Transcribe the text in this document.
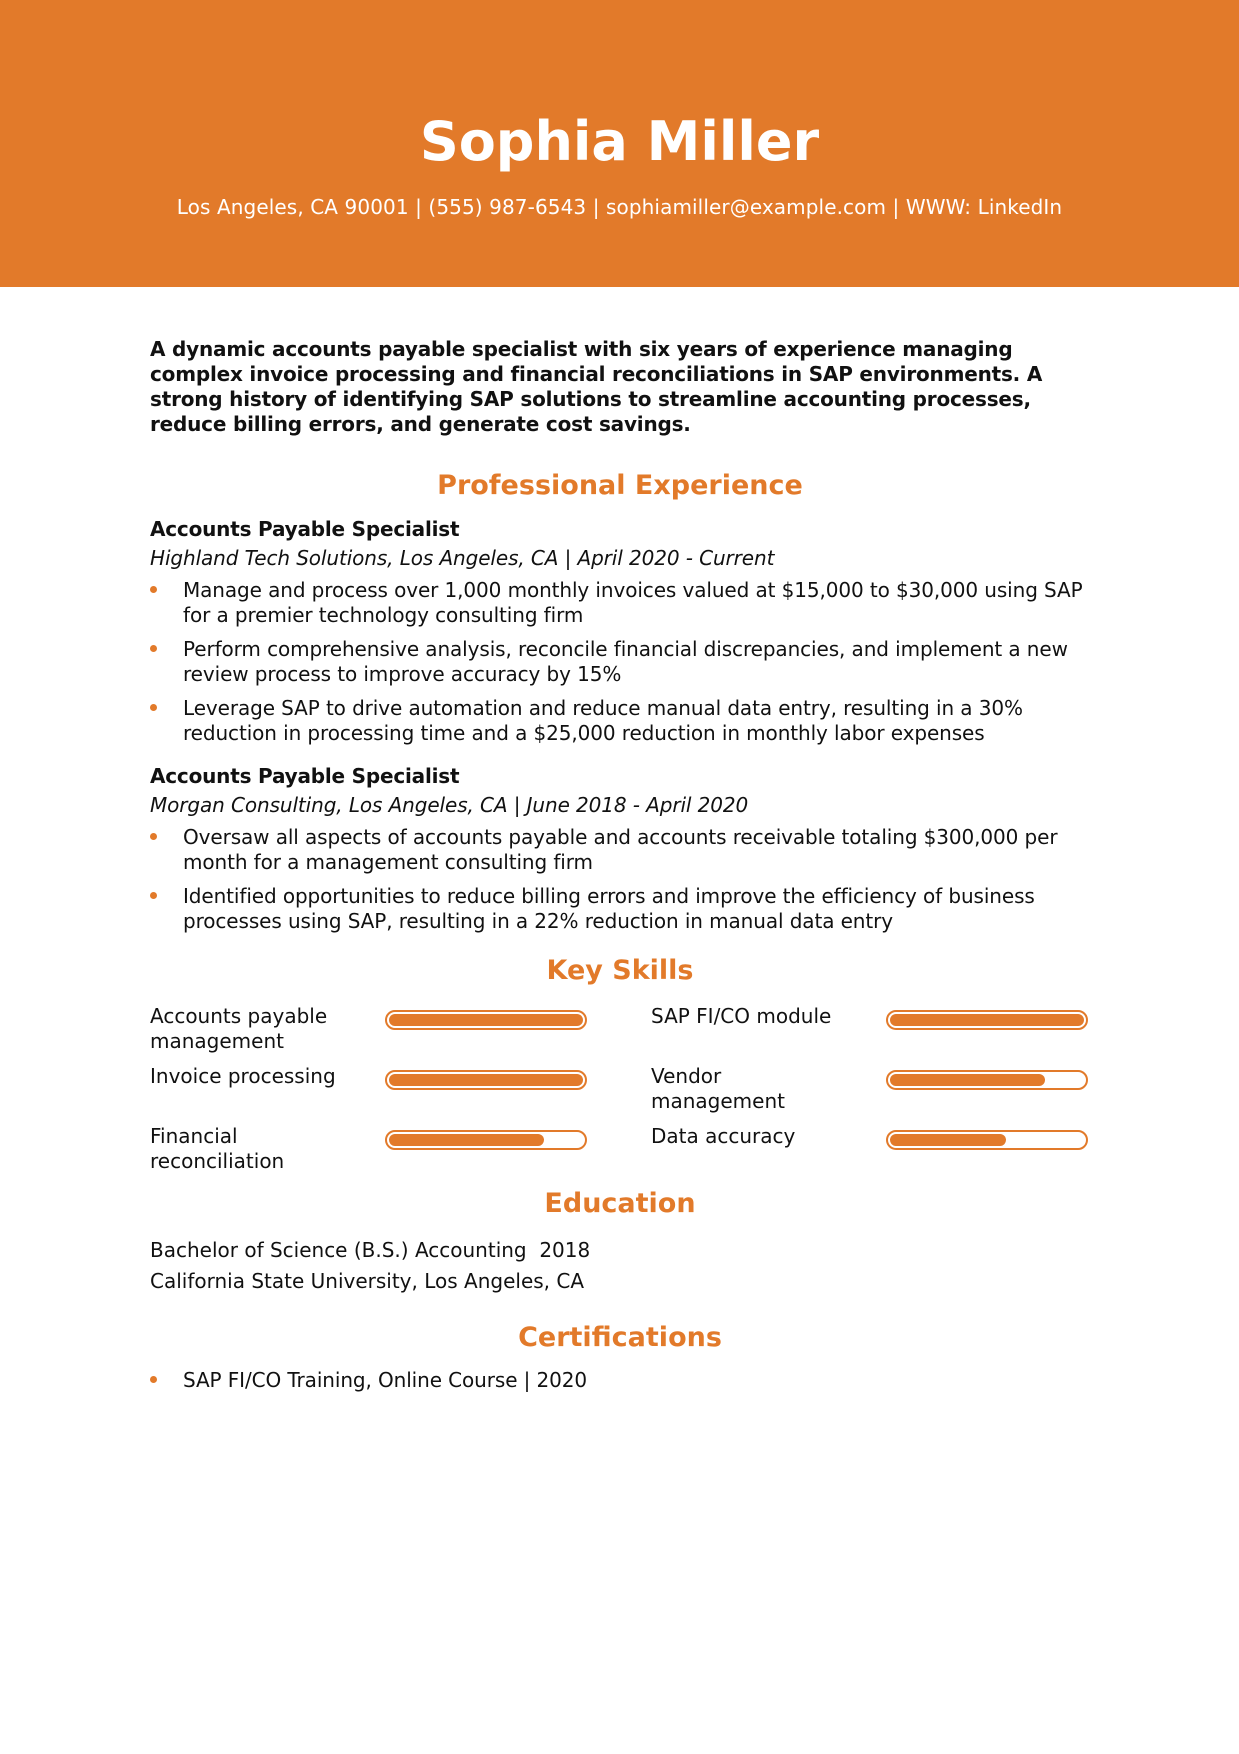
Sophia Miller
Los Angeles, CA 90001 | (555) 987-6543 | sophiamiller@example.com | WWW: LinkedIn

A dynamic accounts payable specialist with six years of experience managing complex invoice processing and financial reconciliations in SAP environments. A strong history of identifying SAP solutions to streamline accounting processes, reduce billing errors, and generate cost savings.

Professional Experience
Accounts Payable Specialist
Highland Tech Solutions, Los Angeles, CA | April 2020 - Current
Manage and process over 1,000 monthly invoices valued at $15,000 to $30,000 using SAP for a premier technology consulting firm
Perform comprehensive analysis, reconcile financial discrepancies, and implement a new review process to improve accuracy by 15%
Leverage SAP to drive automation and reduce manual data entry, resulting in a 30% reduction in processing time and a $25,000 reduction in monthly labor expenses
Accounts Payable Specialist
Morgan Consulting, Los Angeles, CA | June 2018 - April 2020
Oversaw all aspects of accounts payable and accounts receivable totaling $300,000 per month for a management consulting firm
Identified opportunities to reduce billing errors and improve the efficiency of business processes using SAP, resulting in a 22% reduction in manual data entry
Key Skills
Accounts payable management
SAP FI/CO module
Invoice processing	Vendor management
Financial reconciliation
Data accuracy
Education
Bachelor of Science (B.S.) Accounting  2018
California State University, Los Angeles, CA
Certifications
SAP FI/CO Training, Online Course | 2020
